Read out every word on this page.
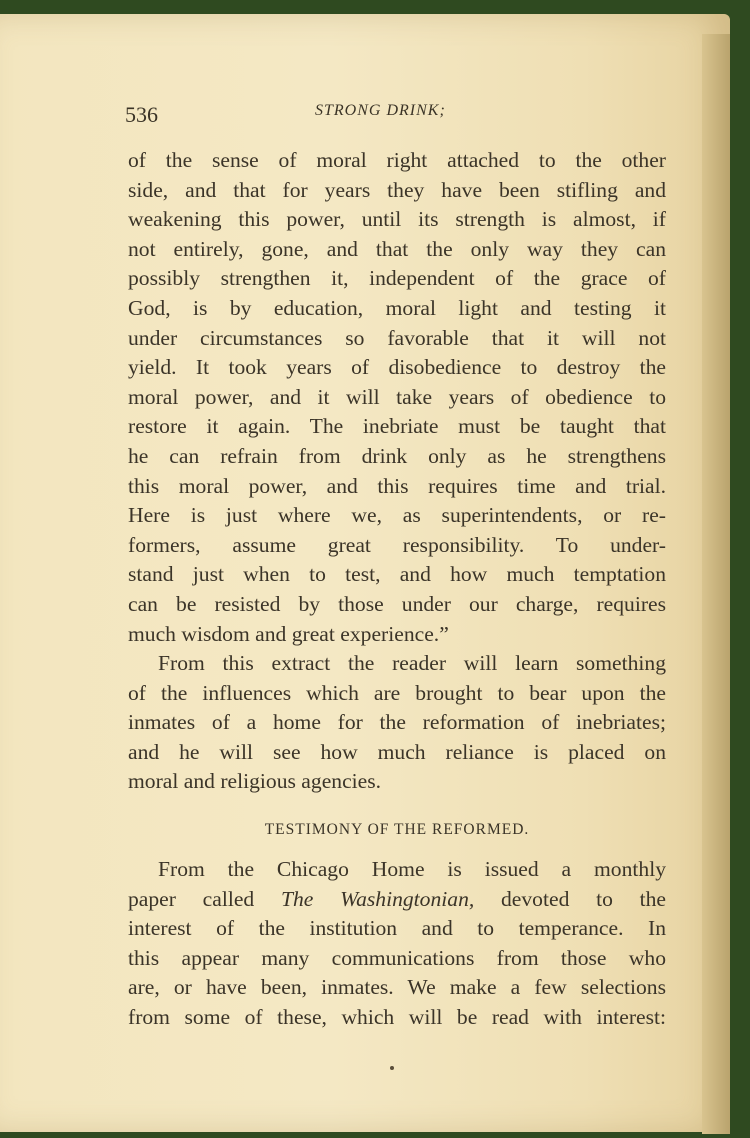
536	STRONG DRINK;
of the sense of moral right attached to the other
side, and that for years they have been stifling and
weakening this power, until its strength is almost, if
not entirely, gone, and that the only way they can
possibly strengthen it, independent of the grace of
God, is by education, moral light and testing it
under circumstances so favorable that it will not
yield. It took years of disobedience to destroy the
moral power, and it will take years of obedience to
restore it again. The inebriate must be taught that
he can refrain from drink only as he strengthens
this moral power, and this requires time and trial.
Here is just where we, as superintendents, or re-
formers, assume great responsibility. To under-
stand just when to test, and how much temptation
can be resisted by those under our charge, requires
much wisdom and great experience.”
From this extract the reader will learn something
of the influences which are brought to bear upon the
inmates of a home for the reformation of inebriates;
and he will see how much reliance is placed on
moral and religious agencies.
TESTIMONY OF THE REFORMED.
From the Chicago Home is issued a monthly
paper called The Washingtonian, devoted to the
interest of the institution and to temperance. In
this appear many communications from those who
are, or have been, inmates. We make a few selections
from some of these, which will be read with interest:
